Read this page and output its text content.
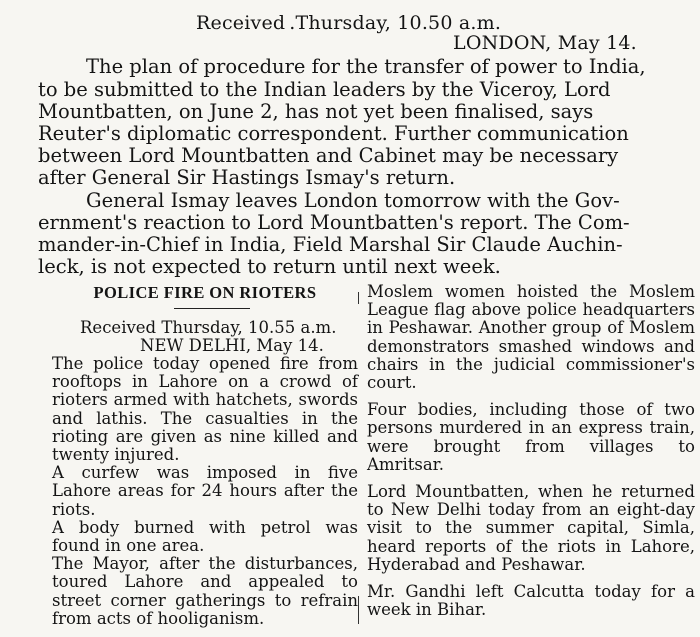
Received .Thursday, 10.50 a.m.

LONDON, May 14.

The plan of procedure for the transfer of power to India,

to be submitted to the Indian leaders by the Viceroy, Lord

Mountbatten, on June 2, has not yet been finalised, says

Reuter's diplomatic correspondent. Further communication

between Lord Mountbatten and Cabinet may be necessary

after General Sir Hastings Ismay's return.

General Ismay leaves London tomorrow with the Gov-

ernment's reaction to Lord Mountbatten's report. The Com-

mander-in-Chief in India, Field Marshal Sir Claude Auchin-

leck, is not expected to return until next week.

POLICE FIRE ON RIOTERS

Received Thursday, 10.55 a.m.

NEW DELHI, May 14.

The police today opened fire from rooftops in Lahore on a crowd of rioters armed with hatchets, swords and lathis. The casualties in the rioting are given as nine killed and twenty injured.

A curfew was imposed in five Lahore areas for 24 hours after the riots.

A body burned with petrol was found in one area.

The Mayor, after the disturbances, toured Lahore and appealed to street corner gatherings to refrain from acts of hooliganism.

Moslem women hoisted the Moslem League flag above police headquarters in Peshawar. Another group of Moslem demonstrators smashed windows and chairs in the judicial commissioner's court.

Four bodies, including those of two persons murdered in an express train, were brought from villages to Amritsar.

Lord Mountbatten, when he returned to New Delhi today from an eight-day visit to the summer capital, Simla, heard reports of the riots in Lahore, Hyderabad and Peshawar.

Mr. Gandhi left Calcutta today for a week in Bihar.
